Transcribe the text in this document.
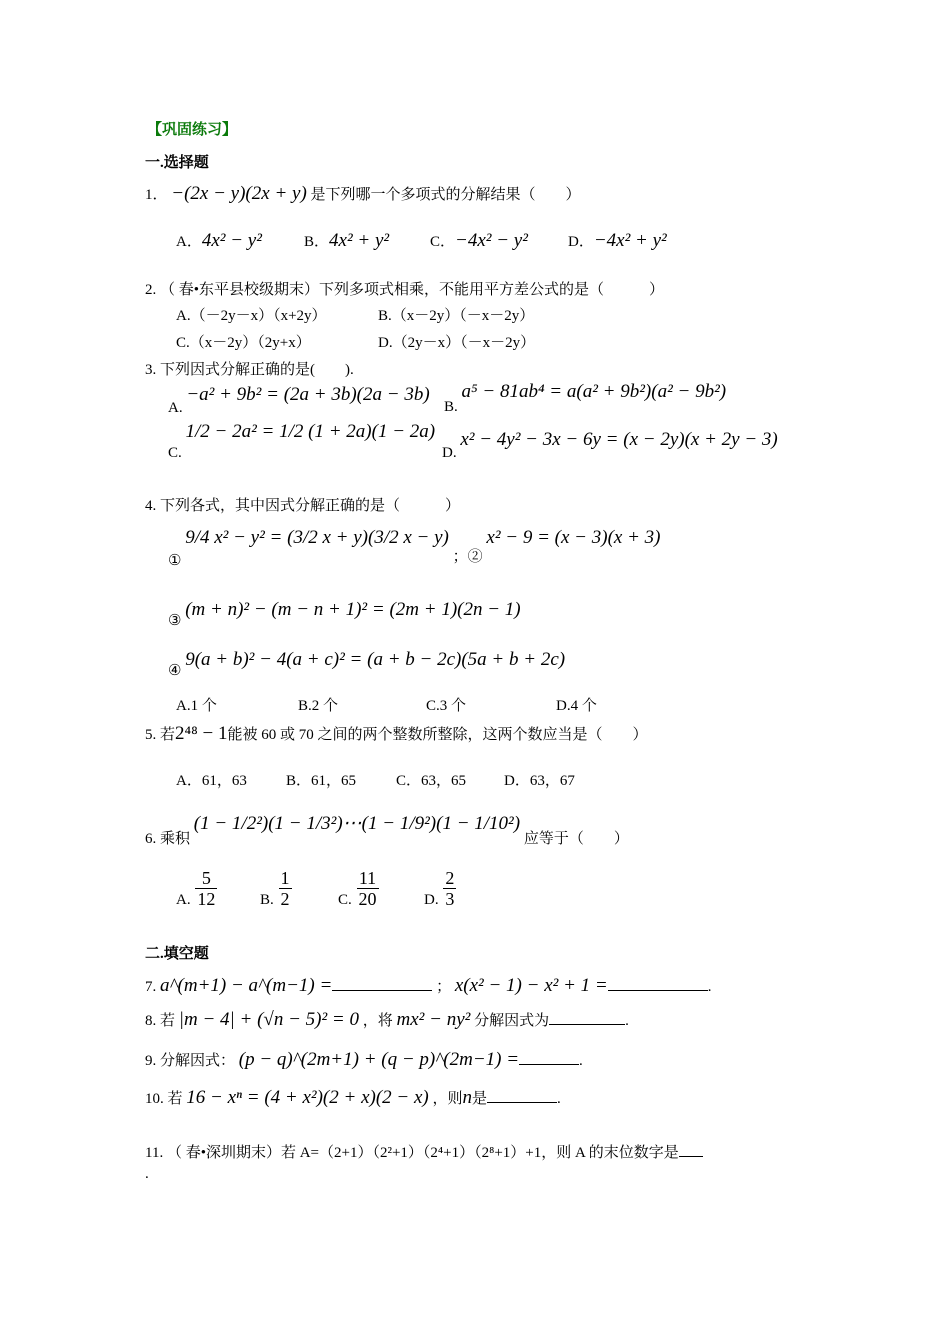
【巩固练习】
一.选择题
1． −(2x − y)(2x + y) 是下列哪一个多项式的分解结果（　　）
A．4x² − y²	B．4x² + y²	C．−4x² − y²	D．−4x² + y²
2. （ 春•东平县校级期末）下列多项式相乘，不能用平方差公式的是（　　　）
A.（－2y－x）（x+2y）	B.（x－2y）（－x－2y）
C.（x－2y）（2y+x）	D.（2y－x）（－x－2y）
3. 下列因式分解正确的是(　　).
A. −a² + 9b² = (2a + 3b)(2a − 3b)
B. a⁵ − 81ab⁴ = a(a² + 9b²)(a² − 9b²)
C. 1/2 − 2a² = 1/2 (1 + 2a)(1 − 2a)
D. x² − 4y² − 3x − 6y = (x − 2y)(x + 2y − 3)
4. 下列各式，其中因式分解正确的是（　　　）
① 9/4 x² − y² = (3/2 x + y)(3/2 x − y) ；② x² − 9 = (x − 3)(x + 3)
③ (m + n)² − (m − n + 1)² = (2m + 1)(2n − 1)
④ 9(a + b)² − 4(a + c)² = (a + b − 2c)(5a + b + 2c)
A.1 个	B.2 个	C.3 个	D.4 个
5. 若2⁴⁸ − 1能被 60 或 70 之间的两个整数所整除，这两个数应当是（　　）
A．61，63	B．61，65	C．63，65	D．63，67
6. 乘积 (1 − 1/2²)(1 − 1/3²)⋯(1 − 1/9²)(1 − 1/10²) 应等于（　　）
A. $\frac{5}{12}$	B. $\frac{1}{2}$	C. $\frac{11}{20}$	D. $\frac{2}{3}$
二.填空题
7. a^(m+1) − a^(m−1) =	； x(x² − 1) − x² + 1 =	.
8. 若 |m − 4| + (√n − 5)² = 0 ，将 mx² − ny² 分解因式为	.
9. 分解因式： (p − q)^(2m+1) + (q − p)^(2m−1) =	.
10. 若 16 − xⁿ = (4 + x²)(2 + x)(2 − x) ，则n是	.
11. （ 春•深圳期末）若 A=（2+1）（2²+1）（2⁴+1）（2⁸+1）+1，则 A 的末位数字是
.
